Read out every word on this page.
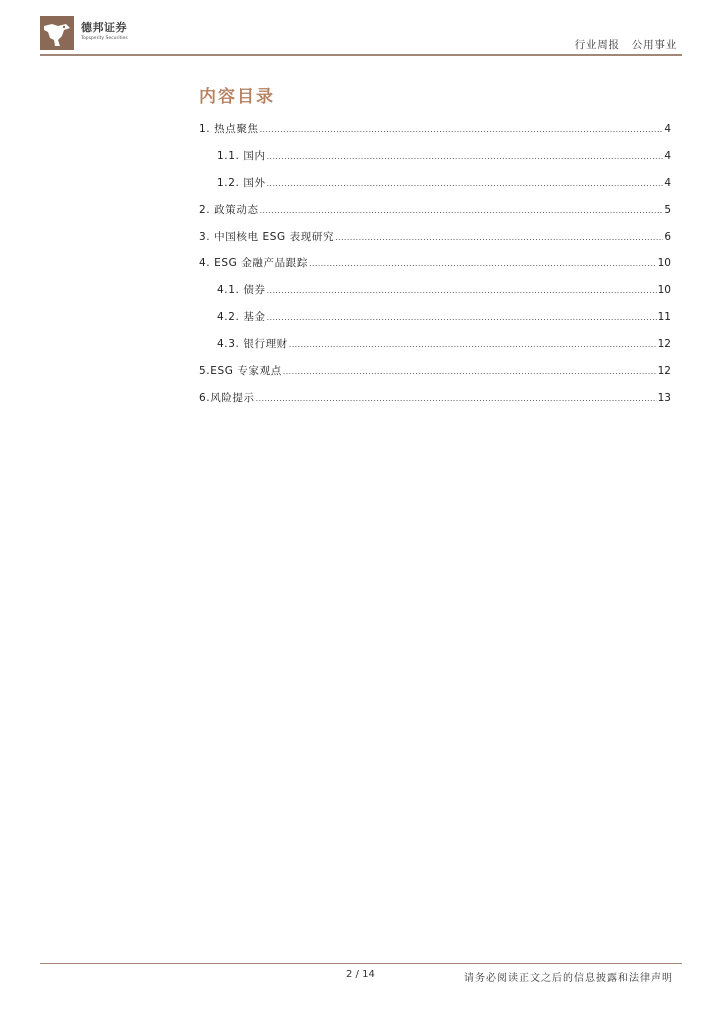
德邦证券
Topsperity Securities
行业周报 公用事业
内容目录
1. 热点聚焦 .....	4
1.1. 国内 .....	4
1.2. 国外 .....	4
2. 政策动态 .....	5
3. 中国核电 ESG 表现研究 .....	6
4. ESG 金融产品跟踪 .....	10
4.1. 债券 .....	10
4.2. 基金 .....	11
4.3. 银行理财 .....	12
5.ESG 专家观点 .....	12
6.风险提示 .....	13
2 / 14	请务必阅读正文之后的信息披露和法律声明
